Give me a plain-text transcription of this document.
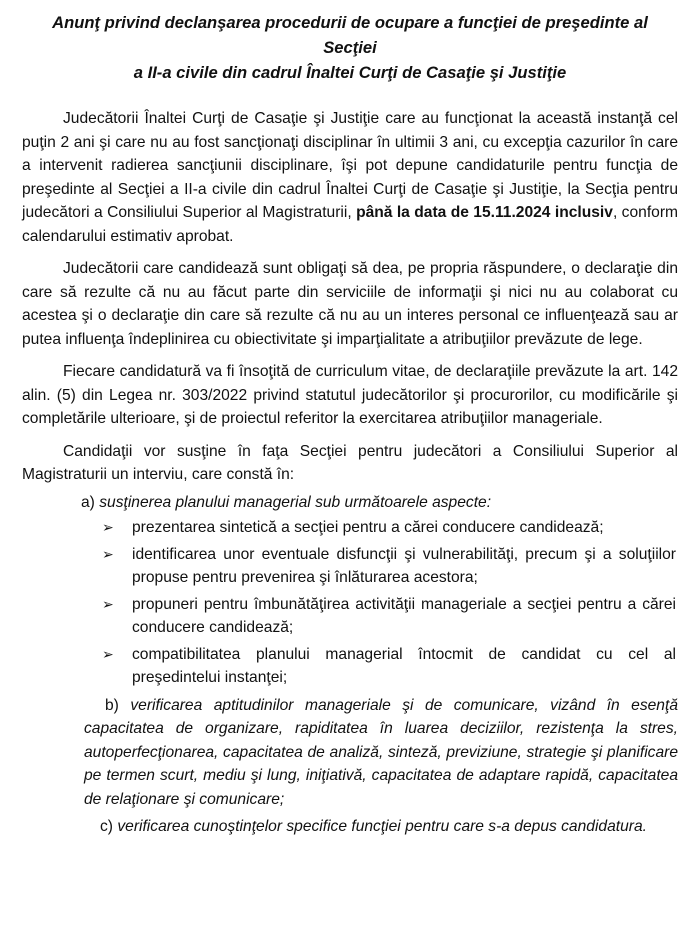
Anunţ privind declanşarea procedurii de ocupare a funcţiei de preşedinte al Secţiei
a II-a civile din cadrul Înaltei Curţi de Casaţie şi Justiţie

Judecătorii Înaltei Curţi de Casaţie şi Justiţie care au funcţionat la această instanţă cel puţin 2 ani şi care nu au fost sancţionaţi disciplinar în ultimii 3 ani, cu excepţia cazurilor în care a intervenit radierea sancţiunii disciplinare, îşi pot depune candidaturile pentru funcţia de preşedinte al Secţiei a II-a civile din cadrul Înaltei Curţi de Casaţie şi Justiţie, la Secţia pentru judecători a Consiliului Superior al Magistraturii, până la data de 15.11.2024 inclusiv, conform calendarului estimativ aprobat.

Judecătorii care candidează sunt obligaţi să dea, pe propria răspundere, o declaraţie din care să rezulte că nu au făcut parte din serviciile de informaţii şi nici nu au colaborat cu acestea şi o declaraţie din care să rezulte că nu au un interes personal ce influenţează sau ar putea influenţa îndeplinirea cu obiectivitate şi imparţialitate a atribuţiilor prevăzute de lege.

Fiecare candidatură va fi însoţită de curriculum vitae, de declaraţiile prevăzute la art. 142 alin. (5) din Legea nr. 303/2022 privind statutul judecătorilor şi procurorilor, cu modificările şi completările ulterioare, şi de proiectul referitor la exercitarea atribuţiilor manageriale.

Candidaţii vor susţine în faţa Secţiei pentru judecători a Consiliului Superior al Magistraturii un interviu, care constă în:

a) susţinerea planului managerial sub următoarele aspecte:

➢	prezentarea sintetică a secţiei pentru a cărei conducere candidează;
➢	identificarea unor eventuale disfuncţii şi vulnerabilităţi, precum şi a soluţiilor propuse pentru prevenirea şi înlăturarea acestora;
➢	propuneri pentru îmbunătăţirea activităţii manageriale a secţiei pentru a cărei conducere candidează;
➢	compatibilitatea planului managerial întocmit de candidat cu cel al preşedintelui instanţei;

b) verificarea aptitudinilor manageriale şi de comunicare, vizând în esenţă capacitatea de organizare, rapiditatea în luarea deciziilor, rezistenţa la stres, autoperfecţionarea, capacitatea de analiză, sinteză, previziune, strategie şi planificare pe termen scurt, mediu şi lung, iniţiativă, capacitatea de adaptare rapidă, capacitatea de relaţionare şi comunicare;

c) verificarea cunoştinţelor specifice funcţiei pentru care s-a depus candidatura.
